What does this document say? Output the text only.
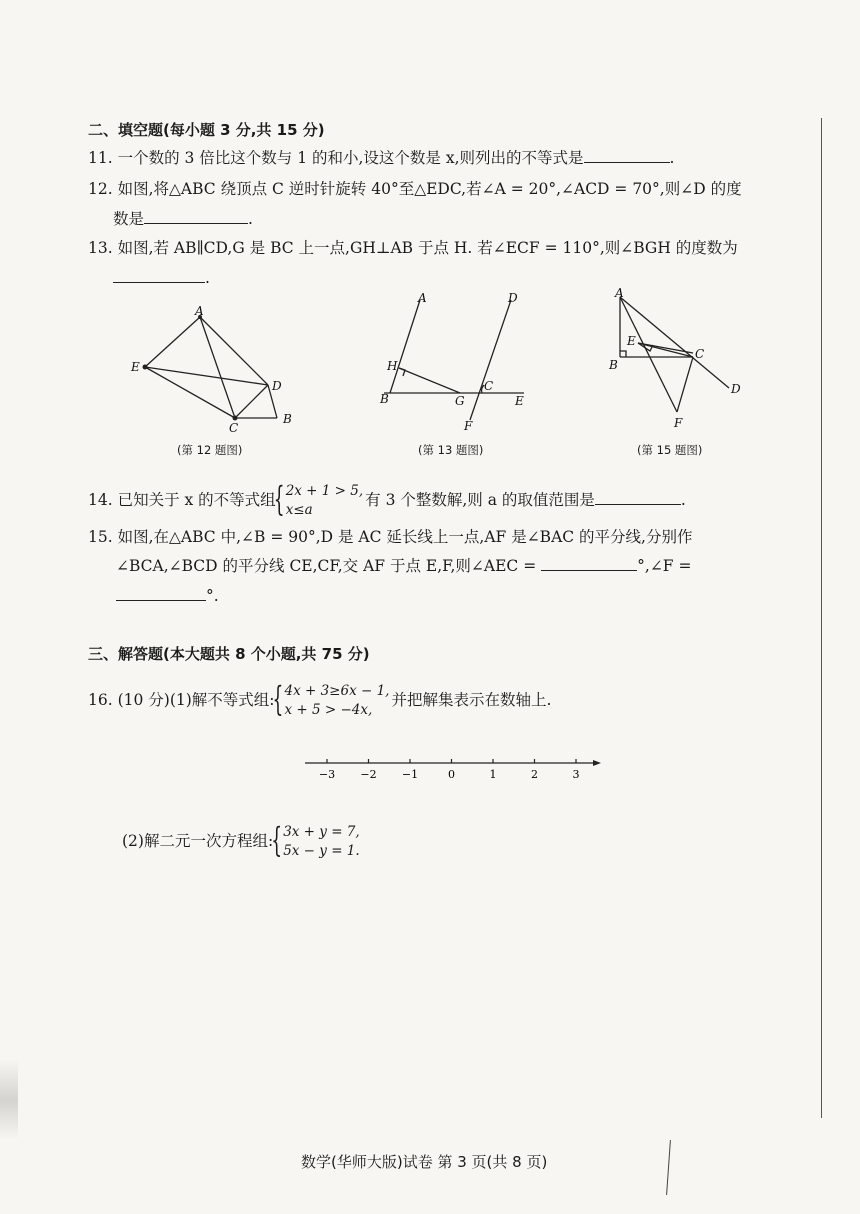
二、填空题(每小题 3 分,共 15 分)
11. 一个数的 3 倍比这个数与 1 的和小,设这个数是 x,则列出的不等式是	.
12. 如图,将△ABC 绕顶点 C 逆时针旋转 40°至△EDC,若∠A = 20°,∠ACD = 70°,则∠D 的度
数是	.
13. 如图,若 AB∥CD,G 是 BC 上一点,GH⊥AB 于点 H. 若∠ECF = 110°,则∠BGH 的度数为
.
A
B
C
D
E
(第 12 题图)
A
B
C
D
E
F
G
H
(第 13 题图)
A
B
C
D
E
F
(第 15 题图)
14. 已知关于 x 的不等式组 { 2x + 1 > 5,
x≤a
有 3 个整数解,则 a 的取值范围是	.
15. 如图,在△ABC 中,∠B = 90°,D 是 AC 延长线上一点,AF 是∠BAC 的平分线,分别作
∠BCA,∠BCD 的平分线 CE,CF,交 AF 于点 E,F,则∠AEC =	°,∠F =
°.
三、解答题(本大题共 8 个小题,共 75 分)
16. (10 分)(1)解不等式组: { 4x + 3≥6x − 1,
x + 5 > −4x,
并把解集表示在数轴上.
−3 −2 −1	0	1	2	3
(2)解二元一次方程组: { 3x + y = 7,
5x − y = 1.
数学(华师大版)试卷 第 3 页(共 8 页)
